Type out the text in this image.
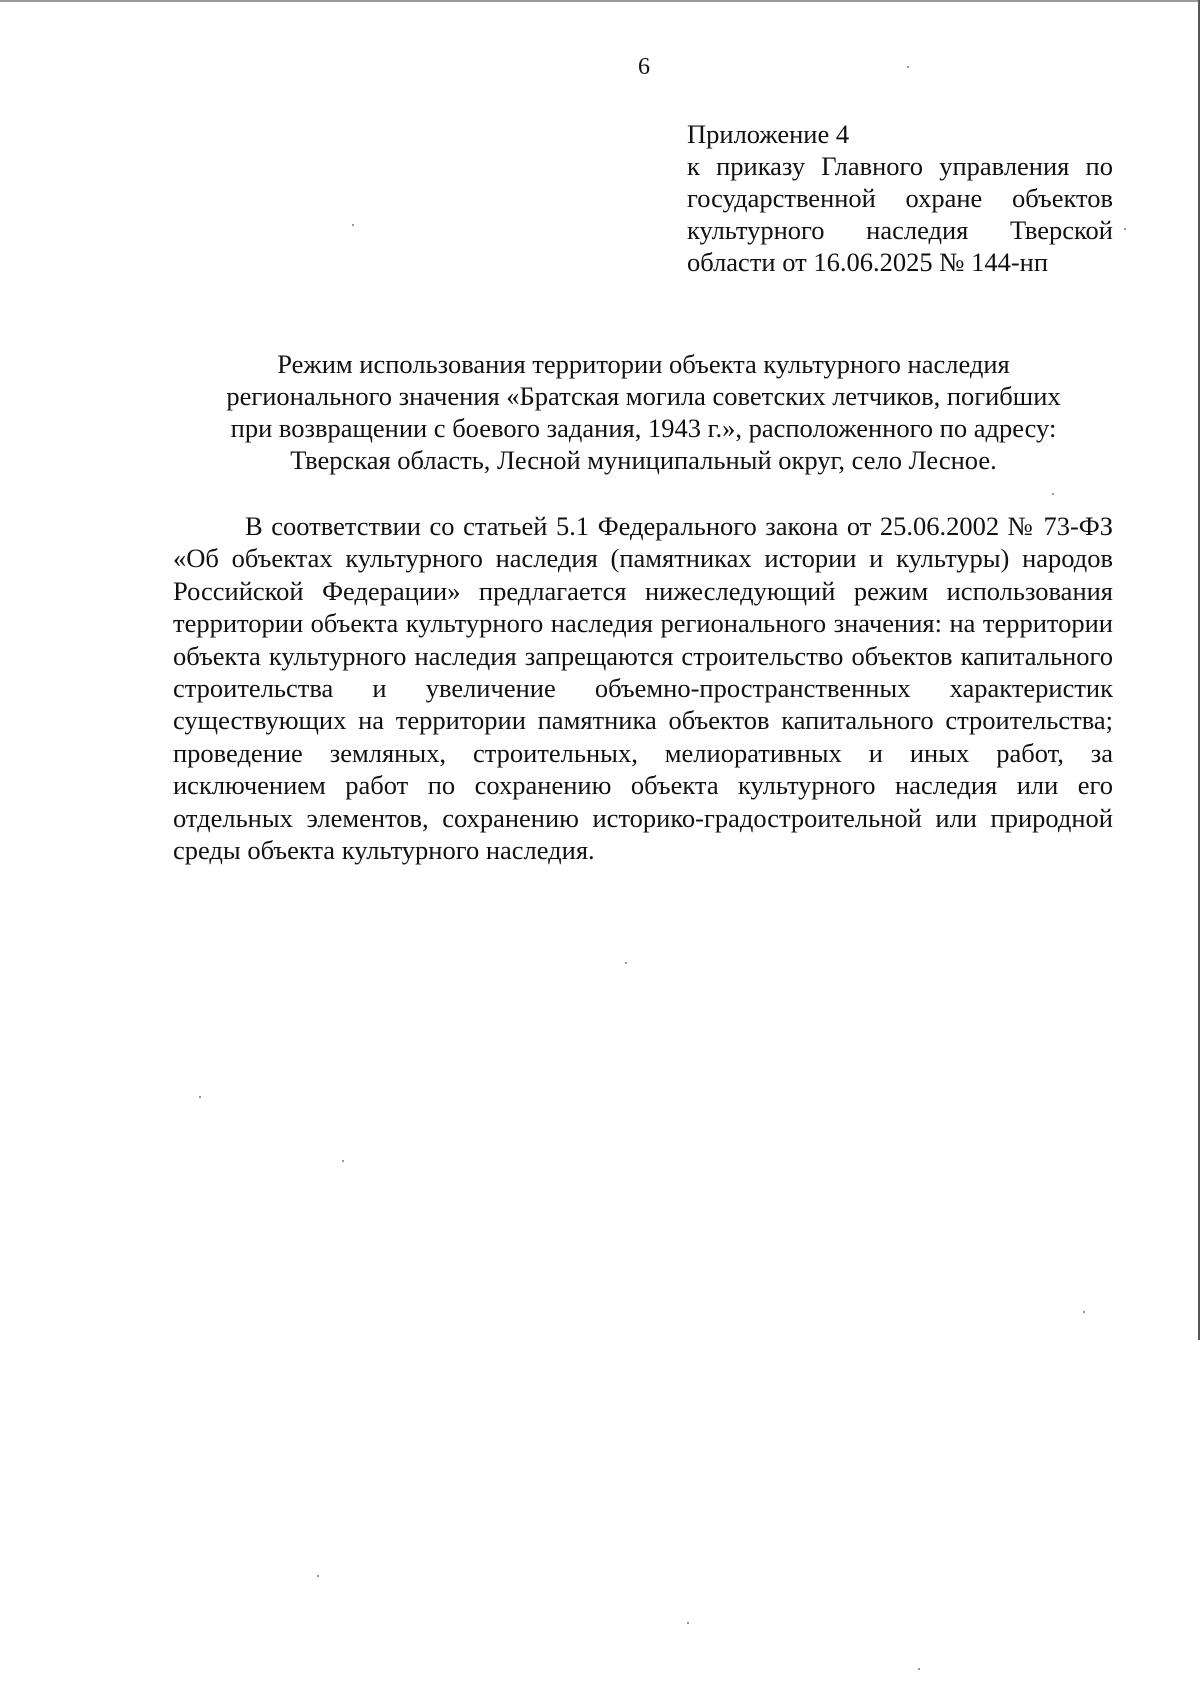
6
Приложение 4
к приказу Главного управления по государственной охране объектов культурного наследия Тверской области от 16.06.2025 № 144-нп
Режим использования территории объекта культурного наследия
регионального значения «Братская могила советских летчиков, погибших
при возвращении с боевого задания, 1943 г.», расположенного по адресу:
Тверская область, Лесной муниципальный округ, село Лесное.
В соответствии со статьей 5.1 Федерального закона от 25.06.2002 № 73-ФЗ «Об объектах культурного наследия (памятниках истории и культуры) народов Российской Федерации» предлагается нижеследующий режим использования территории объекта культурного наследия регионального значения: на территории объекта культурного наследия запрещаются строительство объектов капитального строительства и увеличение объемно-пространственных характеристик существующих на территории памятника объектов капитального строительства; проведение земляных, строительных, мелиоративных и иных работ, за исключением работ по сохранению объекта культурного наследия или его отдельных элементов, сохранению историко-градостроительной или природной среды объекта культурного наследия.
